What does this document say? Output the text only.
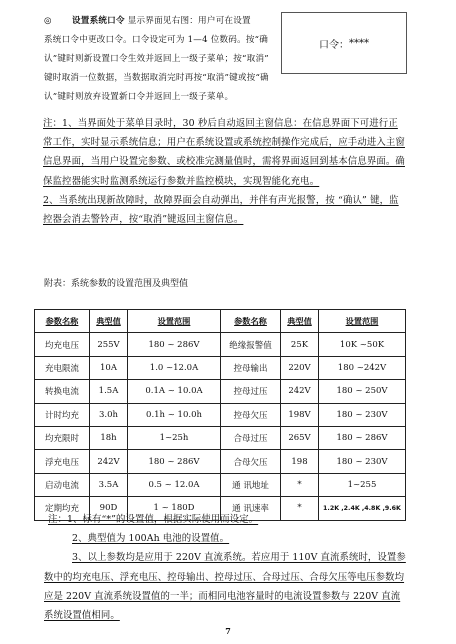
◎ 设置系统口令 显示界面见右图：用户可在设置
系统口令中更改口令。口令设定可为 1—4 位数码。按“确
认”键时则新设置口令生效并返回上一级子菜单；按“取消”
键时取消一位数据，当数据取消完时再按“取消”键或按“确
认”键时则放弃设置新口令并返回上一级子菜单。
口令： ****

注：1、当界面处于菜单目录时，30 秒后自动返回主窗信息：在信息界面下可进行正常工作，实时显示系统信息；用户在系统设置或系统控制操作完成后，应手动进入主窗信息界面，当用户设置完参数、或校准完测量值时，需将界面返回到基本信息界面。确保监控器能实时监测系统运行参数并监控模块，实现智能化充电。

2、当系统出现新故障时，故障界面会自动弹出，并伴有声光报警，按 “确认” 键，监控器会消去警铃声，按“取消”键返回主窗信息。

附表：系统参数的设置范围及典型值
参数名称	典型值	设置范围	参数名称	典型值	设置范围
均充电压	255V	180 ~ 286V	绝缘报警值	25K	10K ~50K
充电限流	10A	1.0 ~12.0A	控母输出	220V	180 ~242V
转换电流	1.5A	0.1A ~ 10.0A	控母过压	242V	180 ~ 250V
计时均充	3.0h	0.1h ~ 10.0h	控母欠压	198V	180 ~ 230V
均充限时	18h	1~25h	合母过压	265V	180 ~ 286V
浮充电压	242V	180 ~ 286V	合母欠压	198	180 ~ 230V
启动电流	3.5A	0.5 ~ 12.0A	通 讯地址	*	1~255
定期均充	90D	1 ~ 180D	通 讯速率	*	1.2K ,2.4K ,4.8K ,9.6K

注：1、标有“*”的设置值，根据实际使用而设定。

2、典型值为 100Ah 电池的设置值。

3、以上参数均是应用于 220V 直流系统。若应用于 110V 直流系统时，设置参数中的均充电压、浮充电压、控母输出、控母过压、合母过压、合母欠压等电压参数均应是 220V 直流系统设置值的一半；而相同电池容量时的电流设置参数与 220V 直流系统设置值相同。

7
